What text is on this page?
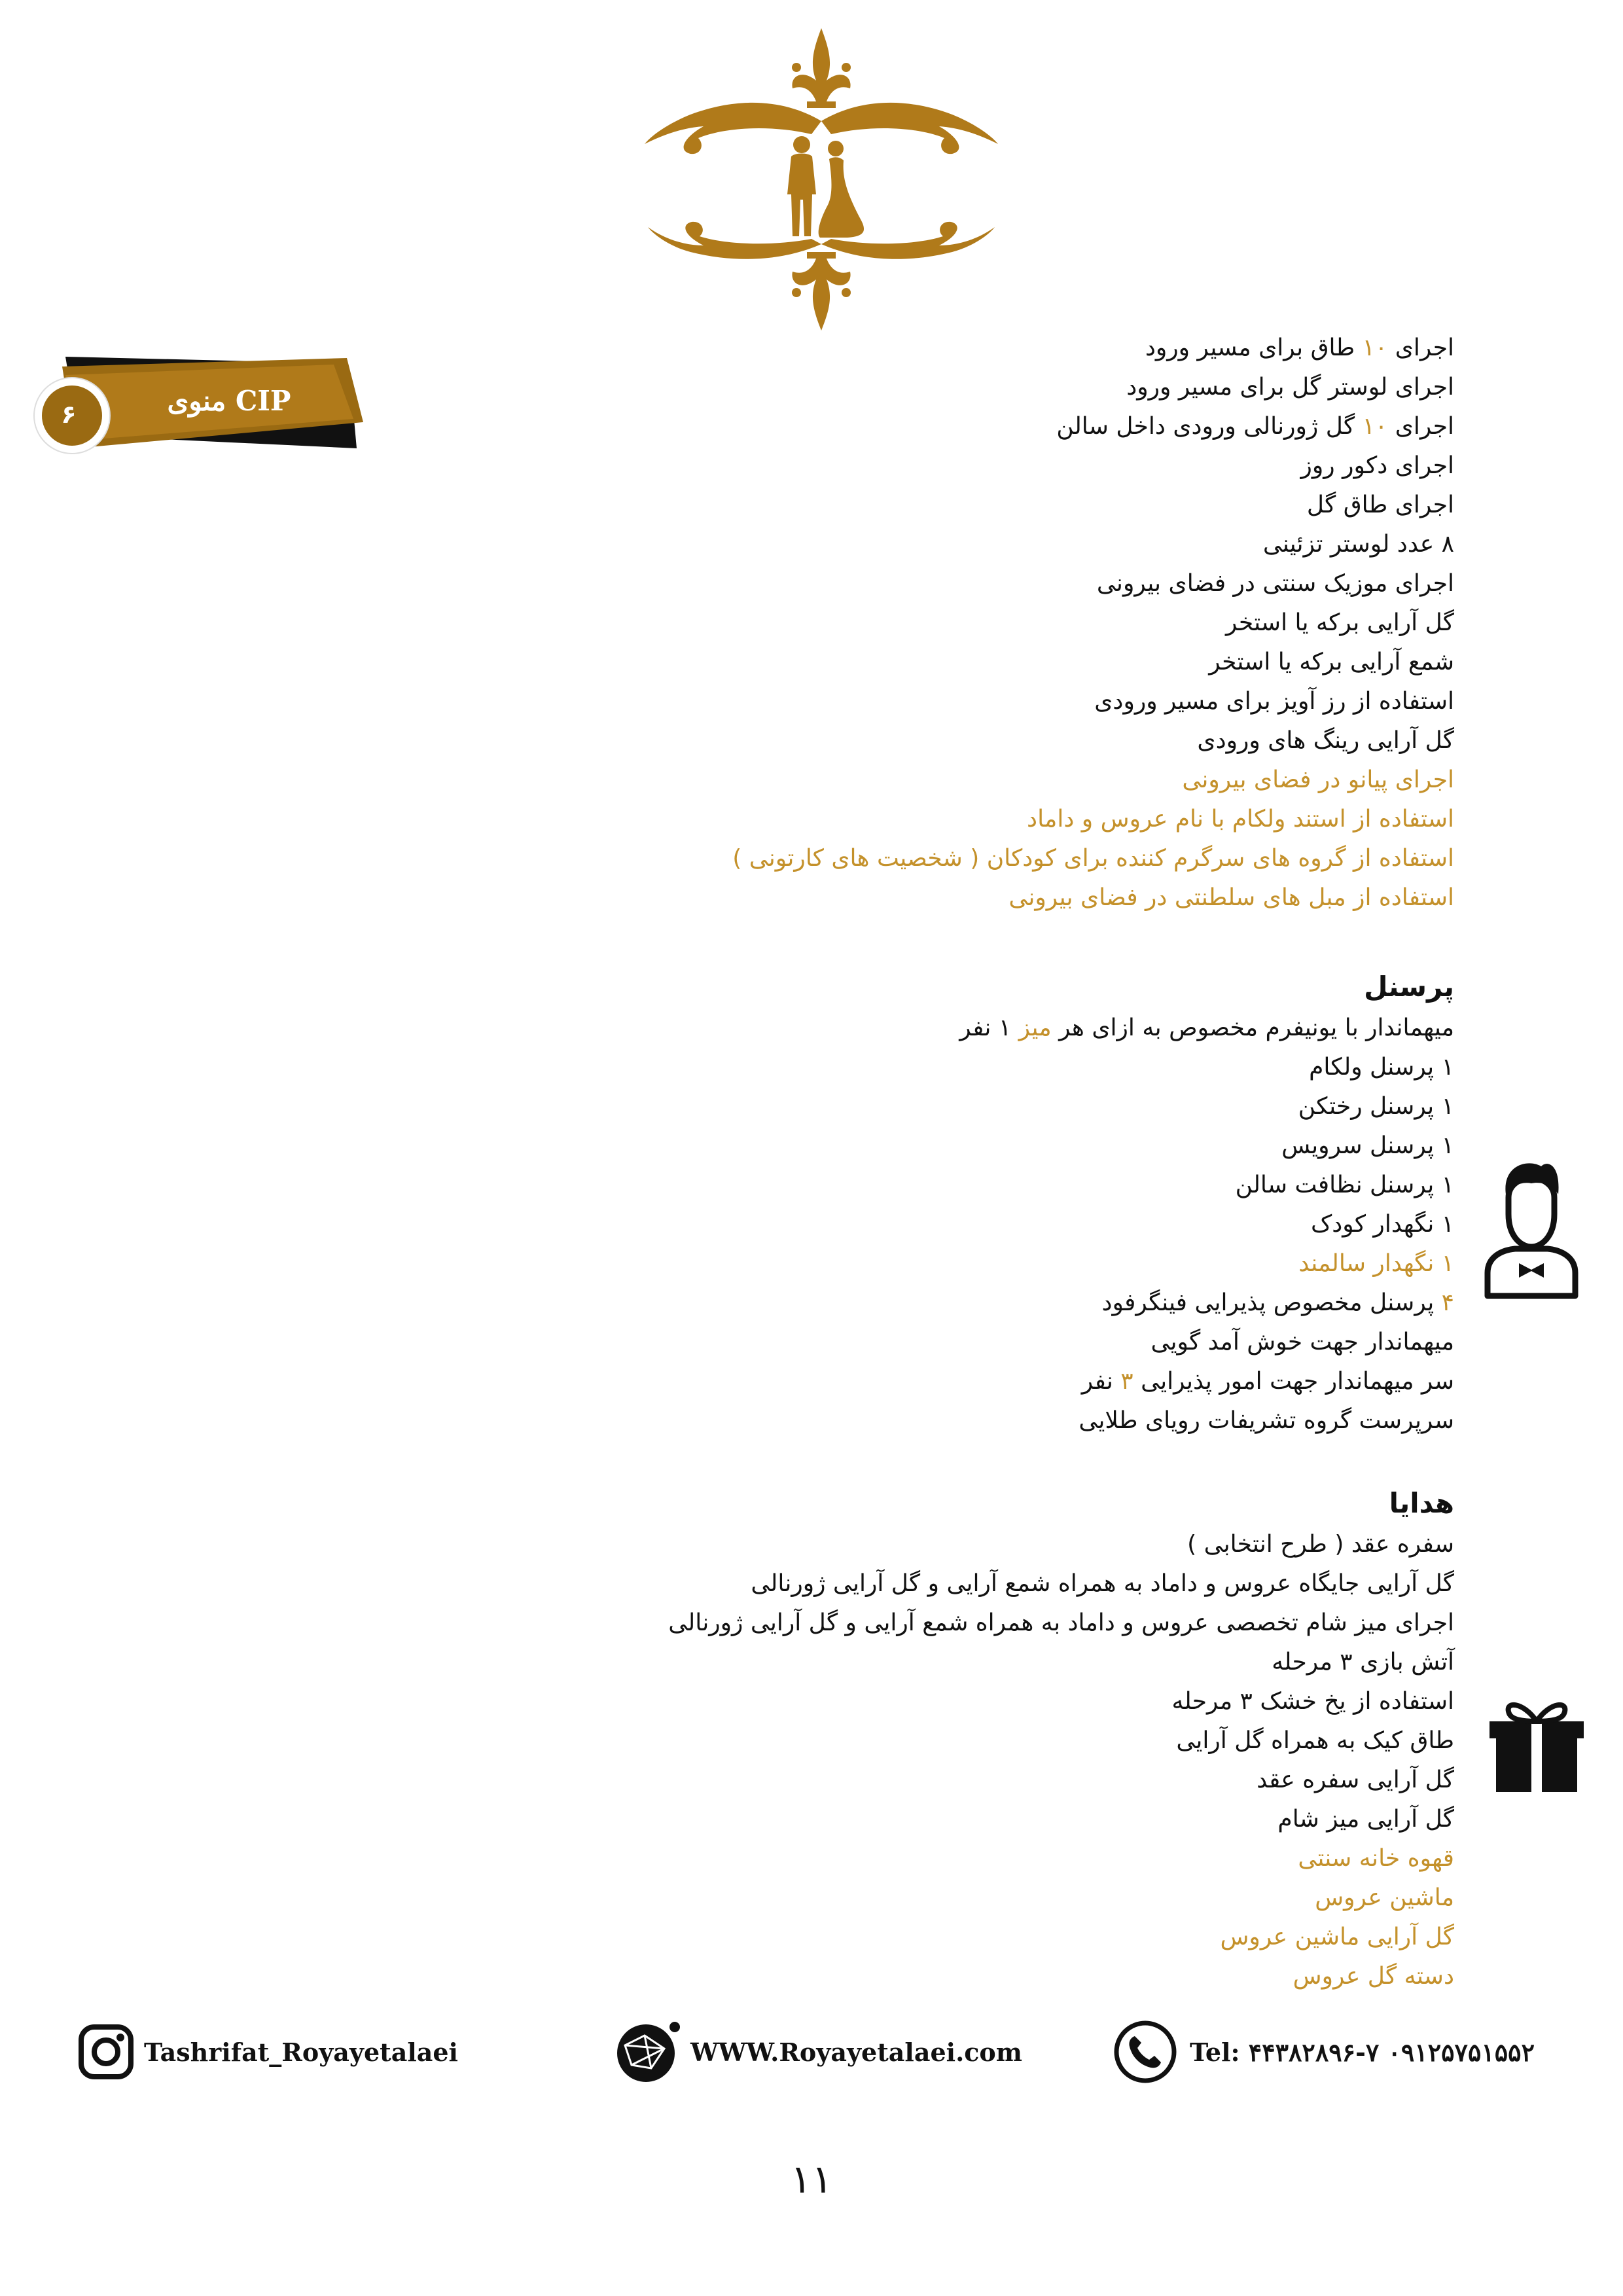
منوی CIP
۶
اجرای ۱۰ طاق برای مسیر ورود
اجرای لوستر گل برای مسیر ورود
اجرای ۱۰ گل ژورنالی ورودی داخل سالن
اجرای دکور روز
اجرای طاق گل
۸ عدد لوستر تزئینی
اجرای موزیک سنتی در فضای بیرونی
گل آرایی برکه یا استخر
شمع آرایی برکه یا استخر
استفاده از رز آویز برای مسیر ورودی
گل آرایی رینگ های ورودی
اجرای پیانو در فضای بیرونی
استفاده از استند ولکام با نام عروس و داماد
استفاده از گروه های سرگرم کننده برای کودکان ( شخصیت های کارتونی )
استفاده از مبل های سلطنتی در فضای بیرونی
پرسنل
میهماندار با یونیفرم مخصوص به ازای هر میز ۱ نفر
۱ پرسنل ولکام
۱ پرسنل رختکن
۱ پرسنل سرویس
۱ پرسنل نظافت سالن
۱ نگهدار کودک
۱ نگهدار سالمند
۴ پرسنل مخصوص پذیرایی فینگرفود
میهماندار جهت خوش آمد گویی
سر میهماندار جهت امور پذیرایی ۳ نفر
سرپرست گروه تشریفات رویای طلایی
هدایا
سفره عقد ( طرح انتخابی )
گل آرایی جایگاه عروس و داماد به همراه شمع آرایی و گل آرایی ژورنالی
اجرای میز شام تخصصی عروس و داماد به همراه شمع آرایی و گل آرایی ژورنالی
آتش بازی ۳ مرحله
استفاده از یخ خشک ۳ مرحله
طاق کیک به همراه گل آرایی
گل آرایی سفره عقد
گل آرایی میز شام
قهوه خانه سنتی
ماشین عروس
گل آرایی ماشین عروس
دسته گل عروس
Tashrifat_Royayetalaei	WWW.Royayetalaei.com	Tel: ۴۴۳۸۲۸۹۶-۷ ۰۹۱۲۵۷۵۱۵۵۲
۱۱
